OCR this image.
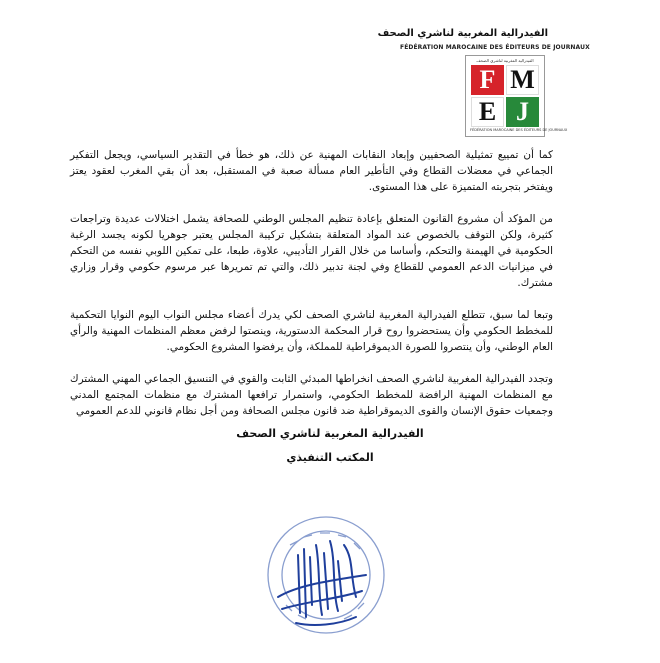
الفيدرالية المغربية لناشري الصحف
FÉDÉRATION MAROCAINE DES ÉDITEURS DE JOURNAUX
الفيدرالية المغربية لناشري الصحف
F M
E J
FÉDÉRATION MAROCAINE DES ÉDITEURS DE JOURNAUX

كما أن تمييع تمثيلية الصحفيين وإبعاد النقابات المهنية عن ذلك، هو خطأ في التقدير السياسي، ويجعل التفكير الجماعي في معضلات القطاع وفي التأطير العام مسألة صعبة في المستقبل، بعد أن بقي المغرب لعقود يعتز ويفتخر بتجربته المتميزة على هذا المستوى.

من المؤكد أن مشروع القانون المتعلق بإعادة تنظيم المجلس الوطني للصحافة يشمل اختلالات عديدة وتراجعات كثيرة، ولكن التوقف بالخصوص عند المواد المتعلقة بتشكيل تركيبة المجلس يعتبر جوهريا لكونه يجسد الرغبة الحكومية في الهيمنة والتحكم، وأساسا من خلال القرار التأديبي، علاوة، طبعا، على تمكين اللوبي نفسه من التحكم في ميزانيات الدعم العمومي للقطاع وفي لجنة تدبير ذلك، والتي تم تمريرها عبر مرسوم حكومي وقرار وزاري مشترك.

وتبعا لما سبق، تتطلع الفيدرالية المغربية لناشري الصحف لكي يدرك أعضاء مجلس النواب اليوم النوايا التحكمية للمخطط الحكومي وأن يستحضروا روح قرار المحكمة الدستورية، وينصتوا لرفض معظم المنظمات المهنية والرأي العام الوطني، وأن ينتصروا للصورة الديموقراطية للمملكة، وأن يرفضوا المشروع الحكومي.

وتجدد الفيدرالية المغربية لناشري الصحف انخراطها المبدئي الثابت والقوي في التنسيق الجماعي المهني المشترك مع المنظمات المهنية الرافضة للمخطط الحكومي، واستمرار ترافعها المشترك مع منظمات المجتمع المدني وجمعيات حقوق الإنسان والقوى الديموقراطية ضد قانون مجلس الصحافة ومن أجل نظام قانوني للدعم العمومي

الفيدرالية المغربية لناشري الصحف
المكتب التنفيذي
